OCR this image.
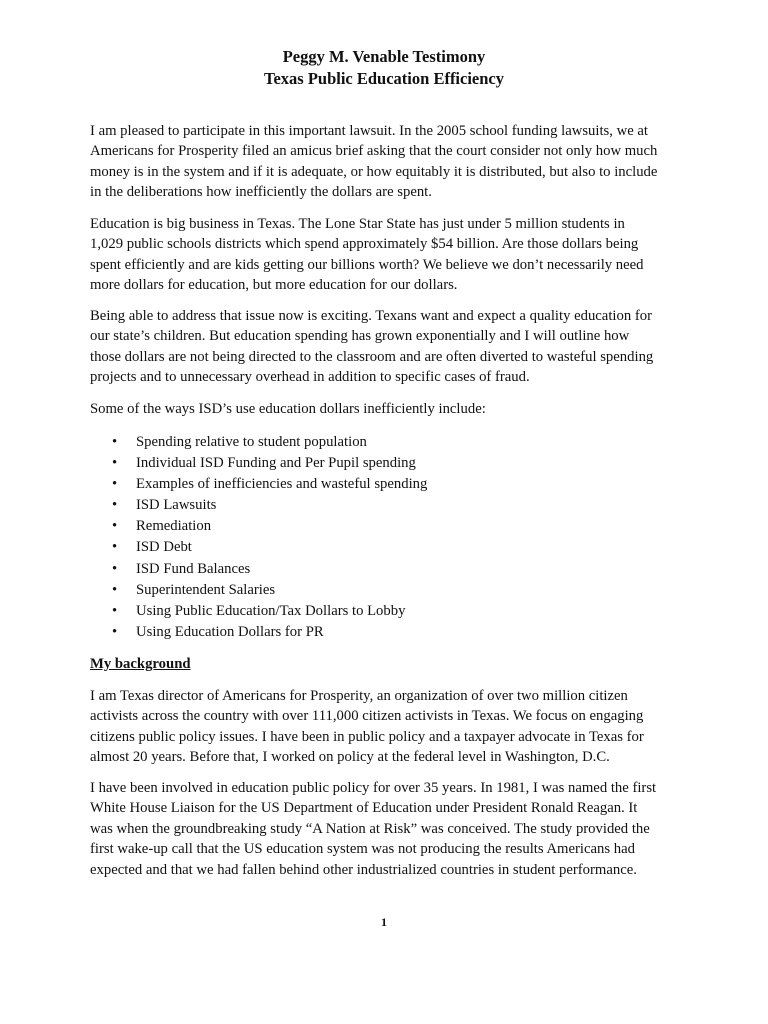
Peggy M. Venable Testimony
Texas Public Education Efficiency

I am pleased to participate in this important lawsuit. In the 2005 school funding lawsuits, we at
Americans for Prosperity filed an amicus brief asking that the court consider not only how much
money is in the system and if it is adequate, or how equitably it is distributed, but also to include
in the deliberations how inefficiently the dollars are spent.

Education is big business in Texas. The Lone Star State has just under 5 million students in
1,029 public schools districts which spend approximately $54 billion. Are those dollars being
spent efficiently and are kids getting our billions worth? We believe we don’t necessarily need
more dollars for education, but more education for our dollars.

Being able to address that issue now is exciting. Texans want and expect a quality education for
our state’s children. But education spending has grown exponentially and I will outline how
those dollars are not being directed to the classroom and are often diverted to wasteful spending
projects and to unnecessary overhead in addition to specific cases of fraud.

Some of the ways ISD’s use education dollars inefficiently include:

• Spending relative to student population
• Individual ISD Funding and Per Pupil spending
• Examples of inefficiencies and wasteful spending
• ISD Lawsuits
• Remediation
• ISD Debt
• ISD Fund Balances
• Superintendent Salaries
• Using Public Education/Tax Dollars to Lobby
• Using Education Dollars for PR
My background

I am Texas director of Americans for Prosperity, an organization of over two million citizen
activists across the country with over 111,000 citizen activists in Texas. We focus on engaging
citizens public policy issues. I have been in public policy and a taxpayer advocate in Texas for
almost 20 years. Before that, I worked on policy at the federal level in Washington, D.C.

I have been involved in education public policy for over 35 years. In 1981, I was named the first
White House Liaison for the US Department of Education under President Ronald Reagan. It
was when the groundbreaking study “A Nation at Risk” was conceived. The study provided the
first wake-up call that the US education system was not producing the results Americans had
expected and that we had fallen behind other industrialized countries in student performance.

1
